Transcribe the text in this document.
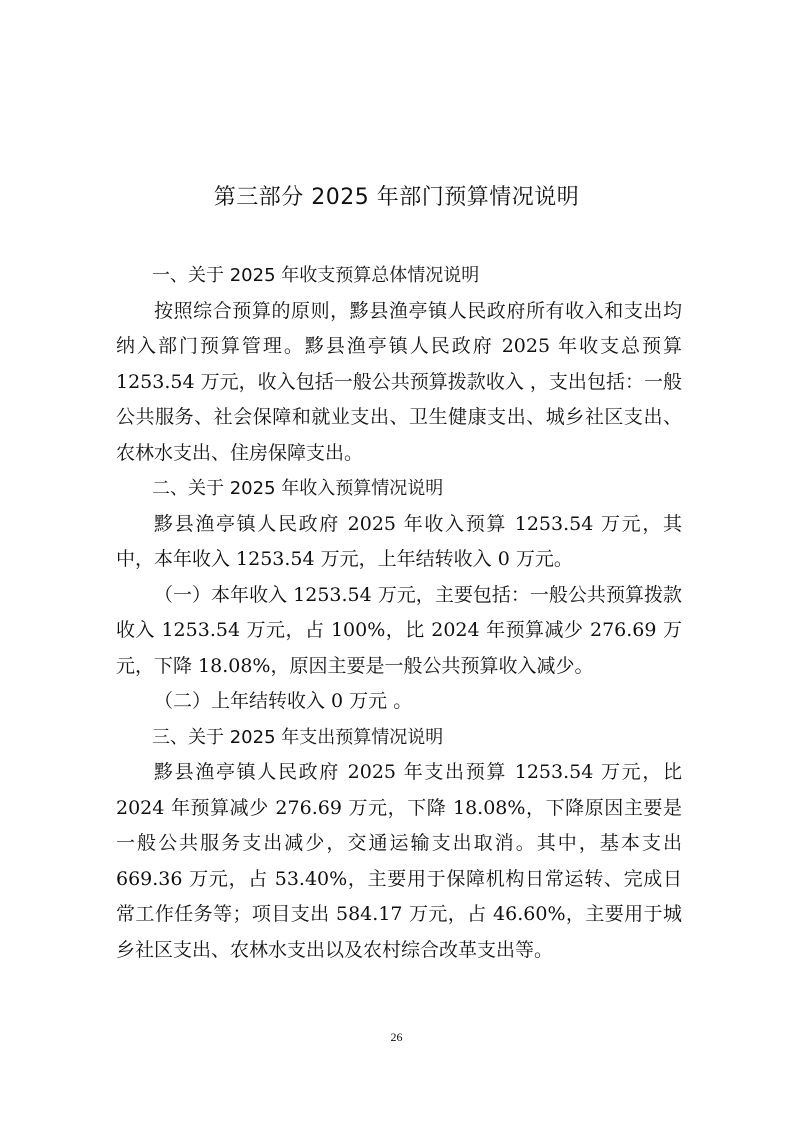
第三部分 2025 年部门预算情况说明
一、关于 2025 年收支预算总体情况说明

按照综合预算的原则，黟县渔亭镇人民政府所有收入和支出均纳入部门预算管理。黟县渔亭镇人民政府 2025 年收支总预算 1253.54 万元，收入包括一般公共预算拨款收入 ，支出包括：一般公共服务、社会保障和就业支出、卫生健康支出、城乡社区支出、农林水支出、住房保障支出。

二、关于 2025 年收入预算情况说明

黟县渔亭镇人民政府 2025 年收入预算 1253.54 万元，其中，本年收入 1253.54 万元，上年结转收入 0 万元。

（一）本年收入 1253.54 万元，主要包括：一般公共预算拨款收入 1253.54 万元，占 100%，比 2024 年预算减少 276.69 万元，下降 18.08%，原因主要是一般公共预算收入减少。

（二）上年结转收入 0 万元 。

三、关于 2025 年支出预算情况说明

黟县渔亭镇人民政府 2025 年支出预算 1253.54 万元，比 2024 年预算减少 276.69 万元，下降 18.08%，下降原因主要是一般公共服务支出减少，交通运输支出取消。其中，基本支出 669.36 万元，占 53.40%，主要用于保障机构日常运转、完成日常工作任务等；项目支出 584.17 万元，占 46.60%，主要用于城乡社区支出、农林水支出以及农村综合改革支出等。

26
